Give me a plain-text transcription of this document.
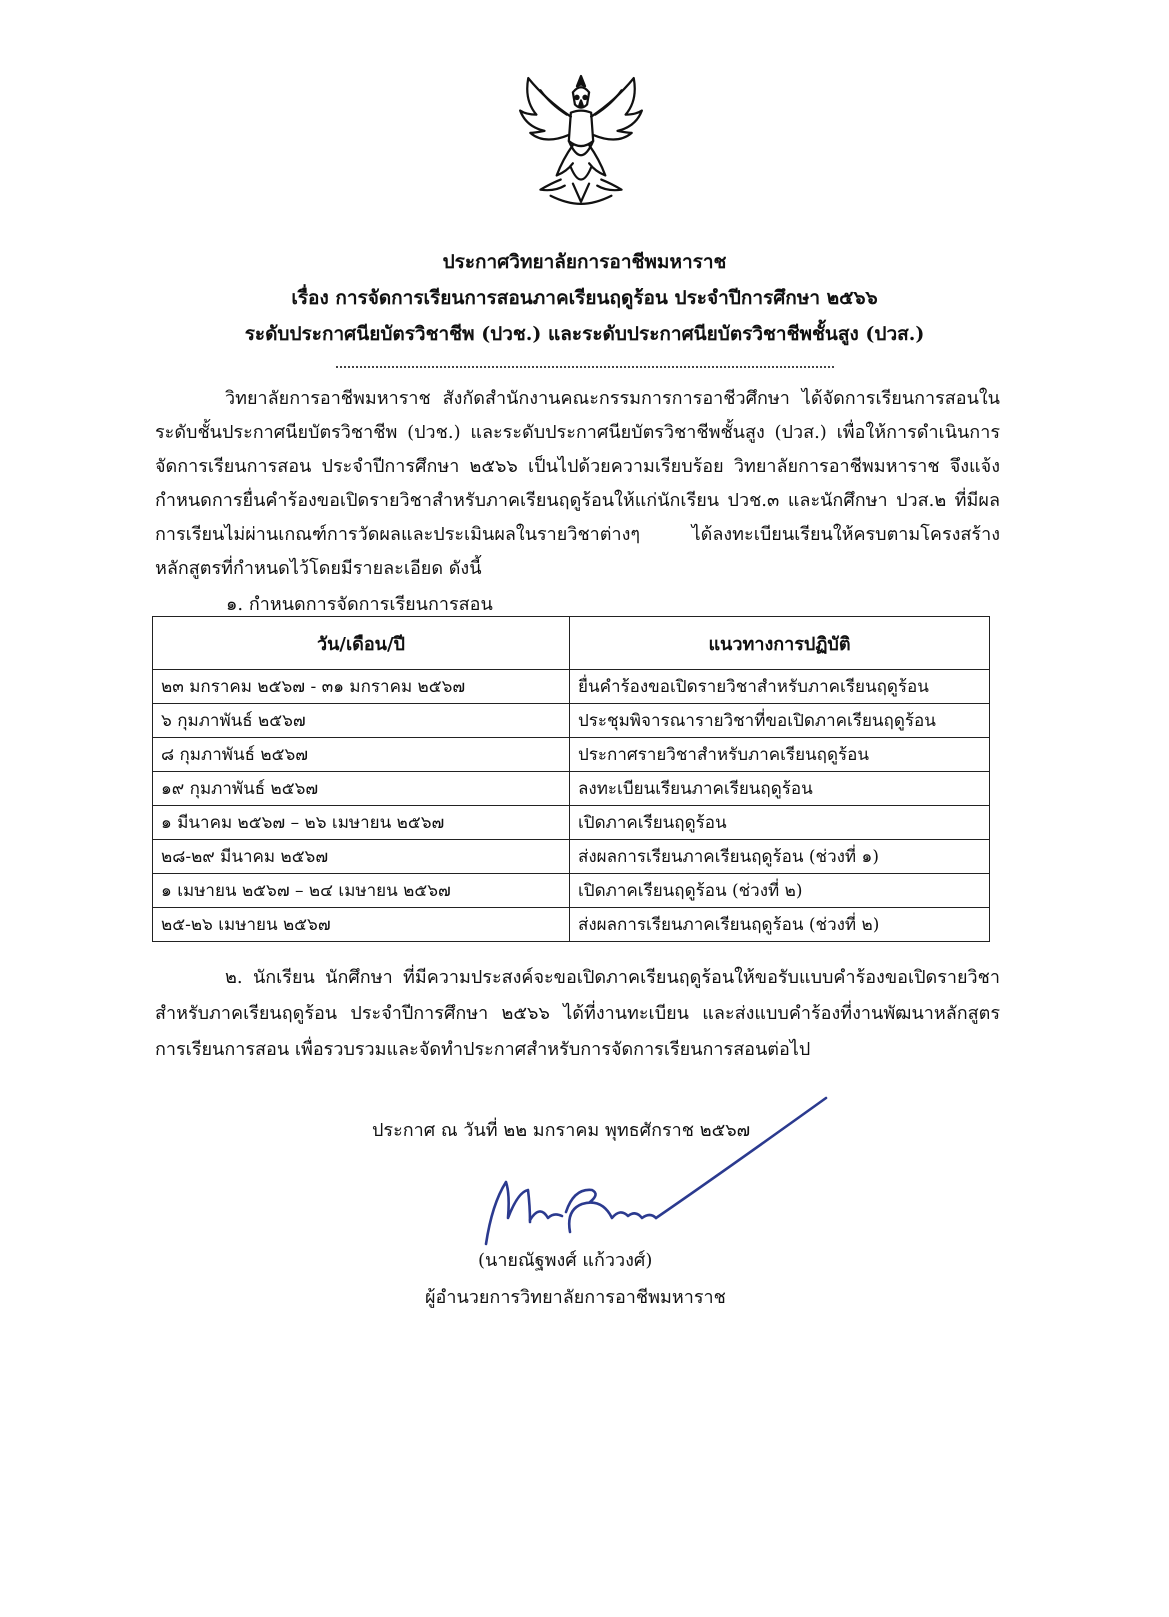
ประกาศวิทยาลัยการอาชีพมหาราช
เรื่อง การจัดการเรียนการสอนภาคเรียนฤดูร้อน ประจำปีการศึกษา ๒๕๖๖
ระดับประกาศนียบัตรวิชาชีพ (ปวช.) และระดับประกาศนียบัตรวิชาชีพชั้นสูง (ปวส.)

วิทยาลัยการอาชีพมหาราช สังกัดสำนักงานคณะกรรมการการอาชีวศึกษา ได้จัดการเรียนการสอนในระดับชั้นประกาศนียบัตรวิชาชีพ (ปวช.) และระดับประกาศนียบัตรวิชาชีพชั้นสูง (ปวส.) เพื่อให้การดำเนินการจัดการเรียนการสอน ประจำปีการศึกษา ๒๕๖๖ เป็นไปด้วยความเรียบร้อย วิทยาลัยการอาชีพมหาราช จึงแจ้งกำหนดการยื่นคำร้องขอเปิดรายวิชาสำหรับภาคเรียนฤดูร้อนให้แก่นักเรียน ปวช.๓ และนักศึกษา ปวส.๒ ที่มีผลการเรียนไม่ผ่านเกณฑ์การวัดผลและประเมินผลในรายวิชาต่างๆ ได้ลงทะเบียนเรียนให้ครบตามโครงสร้างหลักสูตรที่กำหนดไว้โดยมีรายละเอียด ดังนี้

๑. กำหนดการจัดการเรียนการสอน
วัน/เดือน/ปี	แนวทางการปฏิบัติ
๒๓ มกราคม ๒๕๖๗ - ๓๑ มกราคม ๒๕๖๗	ยื่นคำร้องขอเปิดรายวิชาสำหรับภาคเรียนฤดูร้อน
๖ กุมภาพันธ์ ๒๕๖๗	ประชุมพิจารณารายวิชาที่ขอเปิดภาคเรียนฤดูร้อน
๘ กุมภาพันธ์ ๒๕๖๗	ประกาศรายวิชาสำหรับภาคเรียนฤดูร้อน
๑๙ กุมภาพันธ์ ๒๕๖๗	ลงทะเบียนเรียนภาคเรียนฤดูร้อน
๑ มีนาคม ๒๕๖๗ – ๒๖ เมษายน ๒๕๖๗	เปิดภาคเรียนฤดูร้อน
๒๘-๒๙ มีนาคม ๒๕๖๗	ส่งผลการเรียนภาคเรียนฤดูร้อน (ช่วงที่ ๑)
๑ เมษายน ๒๕๖๗ – ๒๔ เมษายน ๒๕๖๗	เปิดภาคเรียนฤดูร้อน (ช่วงที่ ๒)
๒๕-๒๖ เมษายน ๒๕๖๗	ส่งผลการเรียนภาคเรียนฤดูร้อน (ช่วงที่ ๒)

๒. นักเรียน นักศึกษา ที่มีความประสงค์จะขอเปิดภาคเรียนฤดูร้อนให้ขอรับแบบคำร้องขอเปิดรายวิชาสำหรับภาคเรียนฤดูร้อน ประจำปีการศึกษา ๒๕๖๖ ได้ที่งานทะเบียน และส่งแบบคำร้องที่งานพัฒนาหลักสูตรการเรียนการสอน เพื่อรวบรวมและจัดทำประกาศสำหรับการจัดการเรียนการสอนต่อไป

ประกาศ ณ วันที่ ๒๒ มกราคม พุทธศักราช ๒๕๖๗
(นายณัฐพงศ์ แก้ววงศ์)
ผู้อำนวยการวิทยาลัยการอาชีพมหาราช
